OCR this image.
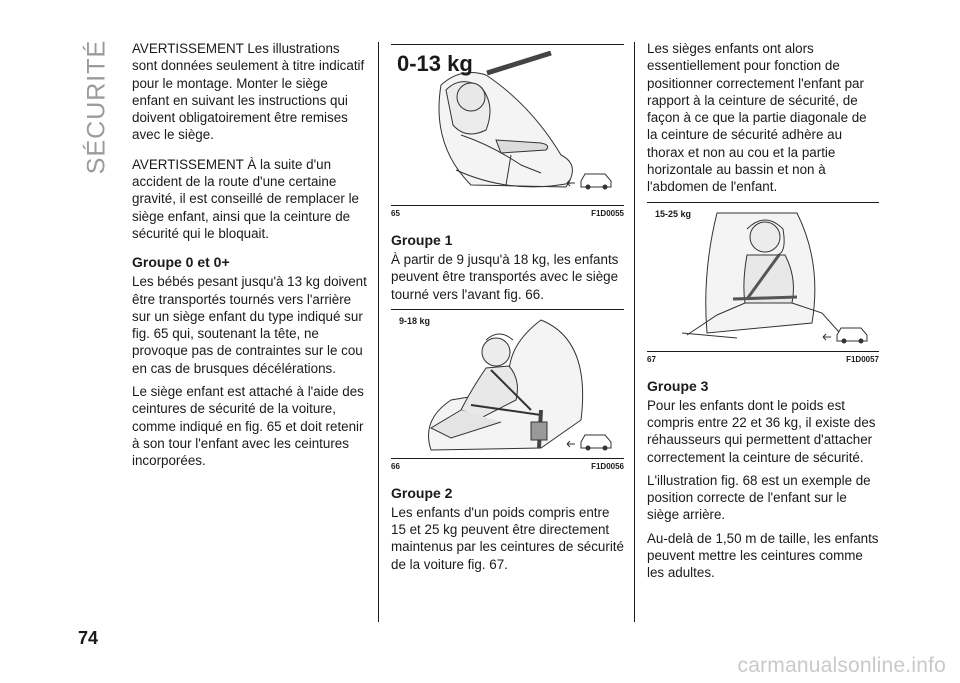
SÉCURITÉ AVERTISSEMENT Les illustrations sont données seulement à titre indicatif pour le montage. Monter le siège enfant en suivant les instructions qui doivent obligatoirement être remises avec le siège.

AVERTISSEMENT À la suite d'un accident de la route d'une certaine gravité, il est conseillé de remplacer le siège enfant, ainsi que la ceinture de sécurité qui le bloquait.

Groupe 0 et 0+

Les bébés pesant jusqu'à 13 kg doivent être transportés tournés vers l'arrière sur un siège enfant du type indiqué sur fig. 65 qui, soutenant la tête, ne provoque pas de contraintes sur le cou en cas de brusques décélérations.

Le siège enfant est attaché à l'aide des ceintures de sécurité de la voiture, comme indiqué en fig. 65 et doit retenir à son tour l'enfant avec les ceintures incorporées.

0-13 kg
65	F1D0055
Groupe 1

À partir de 9 jusqu'à 18 kg, les enfants peuvent être transportés avec le siège tourné vers l'avant fig. 66.

9-18 kg
66	F1D0056
Groupe 2

Les enfants d'un poids compris entre 15 et 25 kg peuvent être directement maintenus par les ceintures de sécurité de la voiture fig. 67.

Les sièges enfants ont alors essentiellement pour fonction de positionner correctement l'enfant par rapport à la ceinture de sécurité, de façon à ce que la partie diagonale de la ceinture de sécurité adhère au thorax et non au cou et la partie horizontale au bassin et non à l'abdomen de l'enfant.

15-25 kg
67	F1D0057
Groupe 3

Pour les enfants dont le poids est compris entre 22 et 36 kg, il existe des réhausseurs qui permettent d'attacher correctement la ceinture de sécurité.

L'illustration fig. 68 est un exemple de position correcte de l'enfant sur le siège arrière.

Au-delà de 1,50 m de taille, les enfants peuvent mettre les ceintures comme les adultes.

74
carmanualsonline.info
